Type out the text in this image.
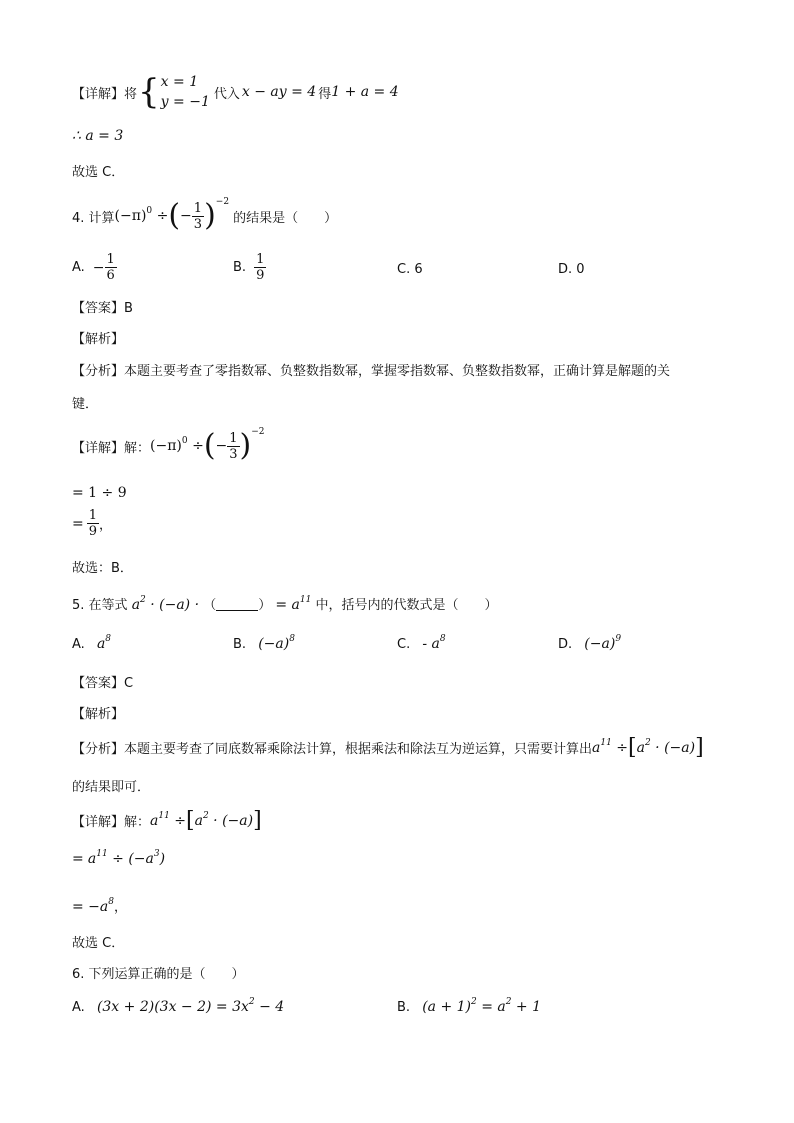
【详解】 将 { x = 1
y = −1 代入 x − ay = 4 得 1 + a = 4
∴ a = 3
故选 C．
4. 计算 $(-\pi)^0$ ÷ ( − $\frac{1}{3}$ ) −2
的结果是（　　）
A. − $\frac{1}{6}$	B. $\frac{1}{9}$	C. 6	D. 0
【答案】B
【解析】
【分析】本题主要考查了零指数幂、负整数指数幂，掌握零指数幂、负整数指数幂，正确计算是解题的关
键．
【详解】 解： $(-\pi)^0$ ÷ ( − $\frac{1}{3}$ ) −2
= 1 ÷ 9
= $\frac{1}{9}$ ，
故选：B．
5. 在等式 $a^2 \cdot (-a)$ · （	） = $a^{11}$ 中，括号内的代数式是（　　）
A. $a^8$	B. $(-a)^8$	C. - $a^8$	D. $(-a)^9$
【答案】C
【解析】
【分析】 本题主要考查了同底数幂乘除法计算，根据乘法和除法互为逆运算，只需要计算出 $a^{11}$ ÷ [ $a^2 \cdot (-a)$ ]
的结果即可．
【详解】 解： $a^{11}$ ÷ [ $a^2 \cdot (-a)$ ]
= $a^{11} \div (-a^3)$
= $-a^8$，
故选 C．
6. 下列运算正确的是（　　）
A. $(3x + 2)(3x - 2) = 3x^2 - 4$	B. $(a + 1)^2 = a^2 + 1$
